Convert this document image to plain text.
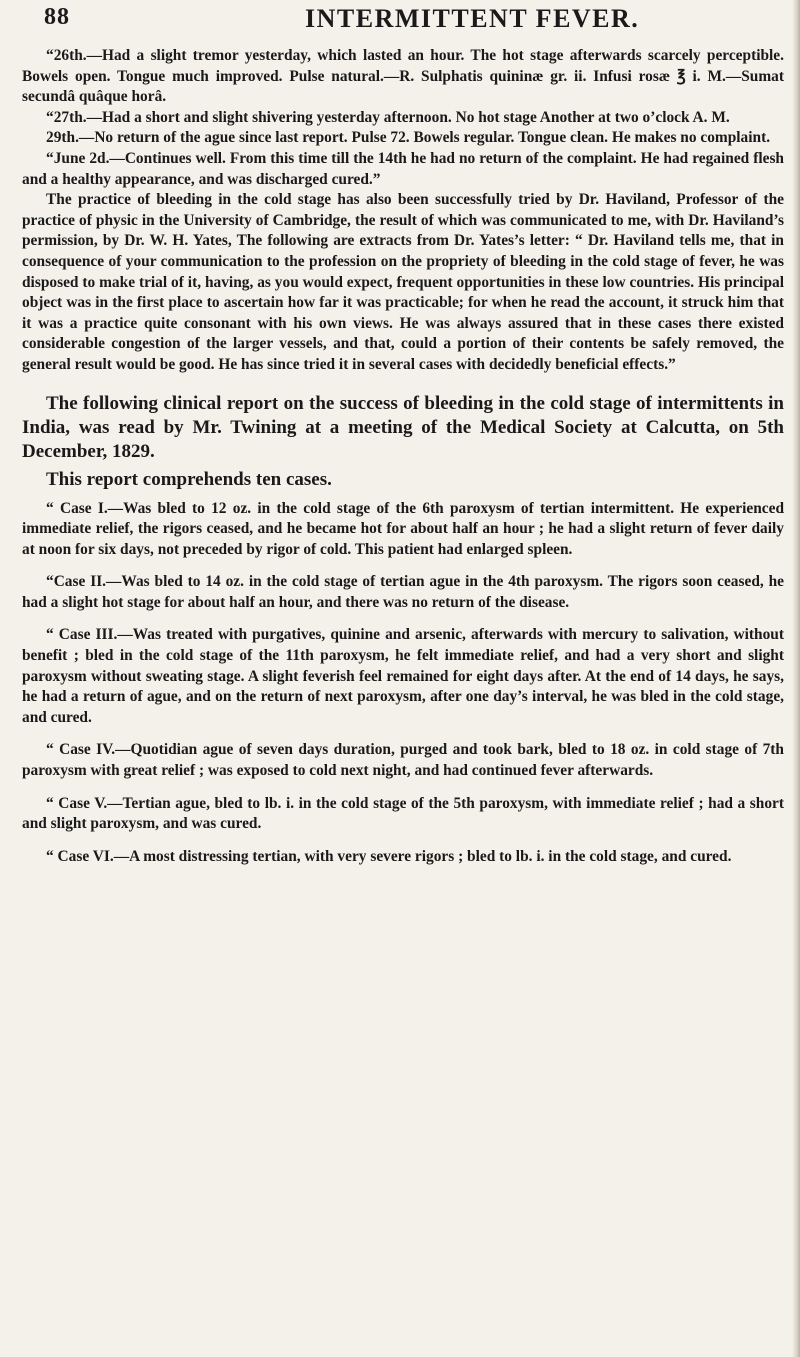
88	INTERMITTENT FEVER.

“26th.—Had a slight tremor yesterday, which lasted an hour. The hot stage afterwards scarcely perceptible. Bowels open. Tongue much improved. Pulse natural.—R. Sulphatis quininæ gr. ii. Infusi rosæ ℥ i. M.—Sumat secundâ quâque horâ.

“27th.—Had a short and slight shivering yesterday afternoon. No hot stage Another at two o’clock A. M.

29th.—No return of the ague since last report. Pulse 72. Bowels regular. Tongue clean. He makes no complaint.

“June 2d.—Continues well. From this time till the 14th he had no return of the complaint. He had regained flesh and a healthy appearance, and was discharged cured.”

The practice of bleeding in the cold stage has also been successfully tried by Dr. Haviland, Professor of the practice of physic in the University of Cambridge, the result of which was communicated to me, with Dr. Haviland’s permission, by Dr. W. H. Yates, The following are extracts from Dr. Yates’s letter: “ Dr. Haviland tells me, that in consequence of your communication to the profession on the propriety of bleeding in the cold stage of fever, he was disposed to make trial of it, having, as you would expect, frequent opportunities in these low countries. His principal object was in the first place to ascertain how far it was practicable; for when he read the account, it struck him that it was a practice quite consonant with his own views. He was always assured that in these cases there existed considerable congestion of the larger vessels, and that, could a portion of their contents be safely removed, the general result would be good. He has since tried it in several cases with decidedly beneficial effects.”

The following clinical report on the success of bleeding in the cold stage of intermittents in India, was read by Mr. Twining at a meeting of the Medical Society at Calcutta, on 5th December, 1829.

This report comprehends ten cases.

“ Case I.—Was bled to 12 oz. in the cold stage of the 6th paroxysm of tertian intermittent. He experienced immediate relief, the rigors ceased, and he became hot for about half an hour ; he had a slight return of fever daily at noon for six days, not preceded by rigor of cold. This patient had enlarged spleen.

“Case II.—Was bled to 14 oz. in the cold stage of tertian ague in the 4th paroxysm. The rigors soon ceased, he had a slight hot stage for about half an hour, and there was no return of the disease.

“ Case III.—Was treated with purgatives, quinine and arsenic, afterwards with mercury to salivation, without benefit ; bled in the cold stage of the 11th paroxysm, he felt immediate relief, and had a very short and slight paroxysm without sweating stage. A slight feverish feel remained for eight days after. At the end of 14 days, he says, he had a return of ague, and on the return of next paroxysm, after one day’s interval, he was bled in the cold stage, and cured.

“ Case IV.—Quotidian ague of seven days duration, purged and took bark, bled to 18 oz. in cold stage of 7th paroxysm with great relief ; was exposed to cold next night, and had continued fever afterwards.

“ Case V.—Tertian ague, bled to lb. i. in the cold stage of the 5th paroxysm, with immediate relief ; had a short and slight paroxysm, and was cured.

“ Case VI.—A most distressing tertian, with very severe rigors ; bled to lb. i. in the cold stage, and cured.
